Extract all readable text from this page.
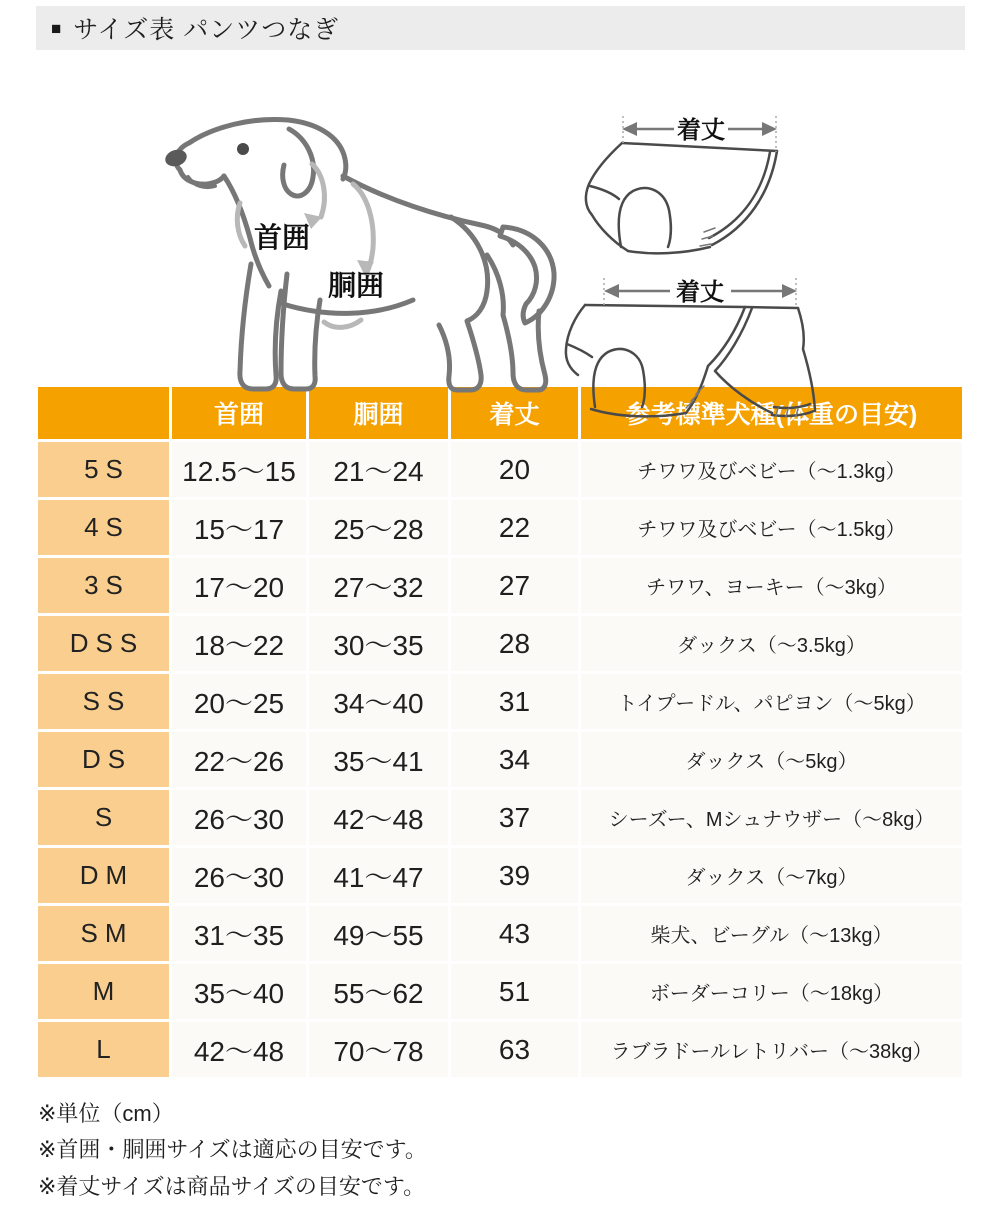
■ サイズ表 パンツつなぎ
首囲
胴囲
着丈
着丈
	首囲	胴囲	着丈	参考標準犬種(体重の目安)
5S	12.5～15	21～24	20	チワワ及びベビー（～1.3kg）
4S	15～17	25～28	22	チワワ及びベビー（～1.5kg）
3S	17～20	27～32	27	チワワ、ヨーキー（～3kg）
DSS	18～22	30～35	28	ダックス（～3.5kg）
SS	20～25	34～40	31	トイプードル、パピヨン（～5kg）
DS	22～26	35～41	34	ダックス（～5kg）
S	26～30	42～48	37	シーズー、Mシュナウザー（～8kg）
DM	26～30	41～47	39	ダックス（～7kg）
SM	31～35	49～55	43	柴犬、ビーグル（～13kg）
M	35～40	55～62	51	ボーダーコリー（～18kg）
L	42～48	70～78	63	ラブラドールレトリバー（～38kg）
※単位（cm）
※首囲・胴囲サイズは適応の目安です。
※着丈サイズは商品サイズの目安です。
